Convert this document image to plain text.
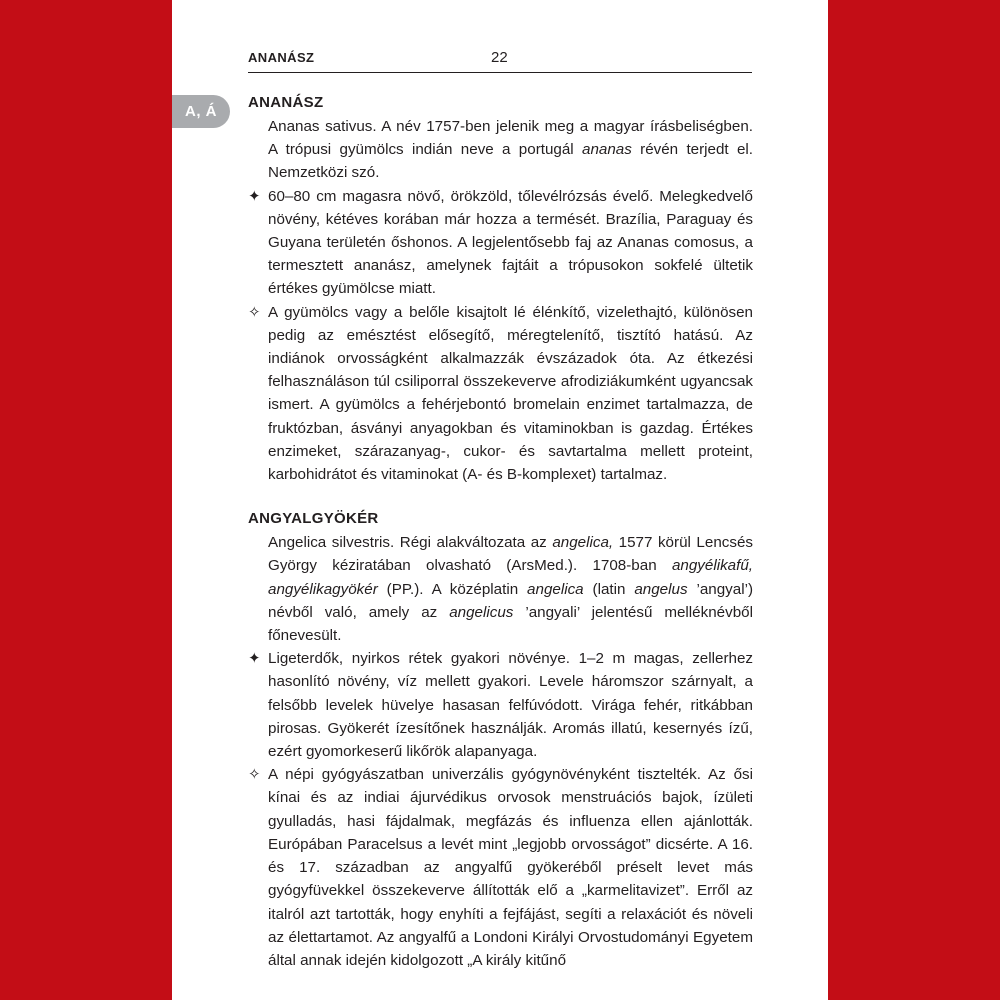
ANANÁSZ	22
A, Á
ANANÁSZ
Ananas sativus. A név 1757-ben jelenik meg a magyar írásbeliségben. A trópusi gyümölcs indián neve a portugál ananas révén terjedt el. Nemzetközi szó.
✦ 60–80 cm magasra növő, örökzöld, tőlevélrózsás évelő. Melegkedvelő növény, kétéves korában már hozza a termését. Brazília, Paraguay és Guyana területén őshonos. A legjelentősebb faj az Ananas comosus, a termesztett ananász, amelynek fajtáit a trópusokon sokfelé ültetik értékes gyümölcse miatt.
✧ A gyümölcs vagy a belőle kisajtolt lé élénkítő, vizelethajtó, különösen pedig az emésztést elősegítő, méregtelenítő, tisztító hatású. Az indiánok orvosságként alkalmazzák évszázadok óta. Az étkezési felhasználáson túl csiliporral összekeverve afrodiziákumként ugyancsak ismert. A gyümölcs a fehérjebontó bromelain enzimet tartalmazza, de fruktózban, ásványi anyagokban és vitaminokban is gazdag. Értékes enzimeket, szárazanyag-, cukor- és savtartalma mellett proteint, karbohidrátot és vitaminokat (A- és B-komplexet) tartalmaz.
ANGYALGYÖKÉR
Angelica silvestris. Régi alakváltozata az angelica, 1577 körül Lencsés György kéziratában olvasható (ArsMed.). 1708-ban angyélikafű, angyélikagyökér (PP.). A középlatin angelica (latin angelus ’angyal’) névből való, amely az angelicus ’angyali’ jelentésű melléknévből főnevesült.
✦ Ligeterdők, nyirkos rétek gyakori növénye. 1–2 m magas, zellerhez hasonlító növény, víz mellett gyakori. Levele háromszor szárnyalt, a felsőbb levelek hüvelye hasasan felfúvódott. Virága fehér, ritkábban pirosas. Gyökerét ízesítőnek használják. Aromás illatú, kesernyés ízű, ezért gyomorkeserű likőrök alapanyaga.
✧ A népi gyógyászatban univerzális gyógynövényként tisztelték. Az ősi kínai és az indiai ájurvédikus orvosok menstruációs bajok, ízületi gyulladás, hasi fájdalmak, megfázás és influenza ellen ajánlották. Európában Paracelsus a levét mint „legjobb orvosságot” dicsérte. A 16. és 17. században az angyalfű gyökeréből préselt levet más gyógyfüvekkel összekeverve állították elő a „karmelitavizet”. Erről az italról azt tartották, hogy enyhíti a fejfájást, segíti a relaxációt és növeli az élettartamot. Az angyalfű a Londoni Királyi Orvostudományi Egyetem által annak idején kidolgozott „A király kitűnő
